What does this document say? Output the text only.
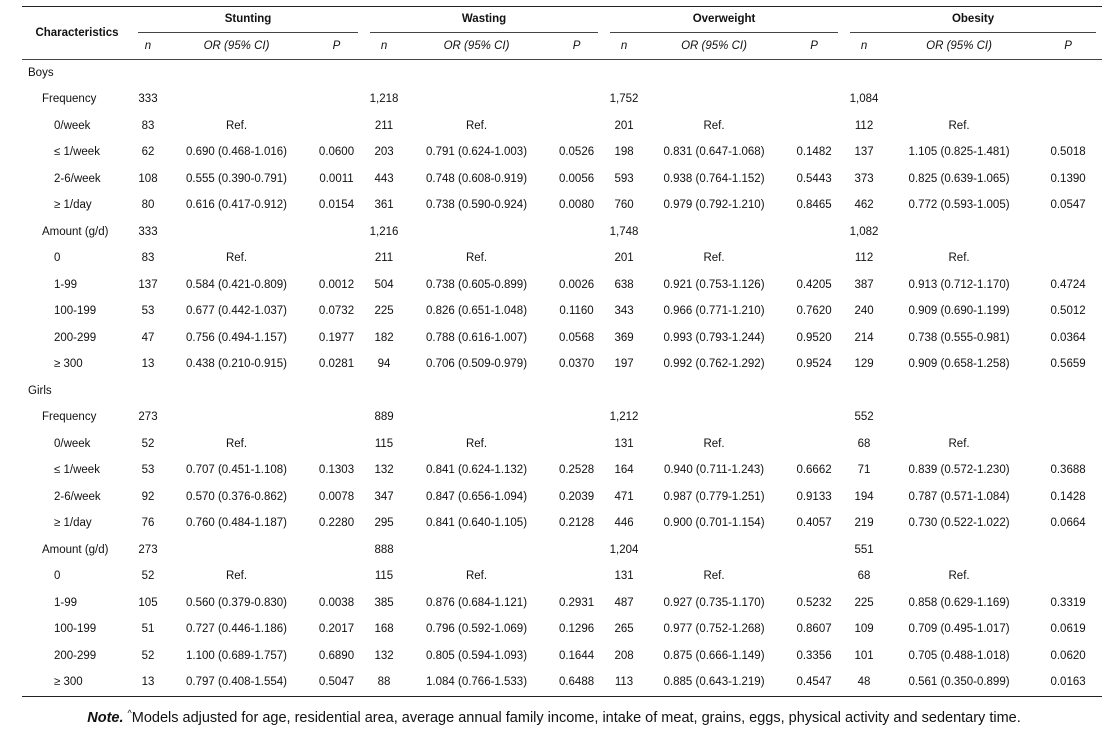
Characteristics	Stunting			Wasting			Overweight			Obesity		

	n	OR (95% CI)	P	n	OR (95% CI)	P	n	OR (95% CI)	P	n	OR (95% CI)	P
Boys												
Frequency	333			1,218			1,752			1,084		
0/week	83	Ref.		211	Ref.		201	Ref.		112	Ref.	
≤ 1/week	62	0.690 (0.468-1.016)	0.0600	203	0.791 (0.624-1.003)	0.0526	198	0.831 (0.647-1.068)	0.1482	137	1.105 (0.825-1.481)	0.5018
2-6/week	108	0.555 (0.390-0.791)	0.0011	443	0.748 (0.608-0.919)	0.0056	593	0.938 (0.764-1.152)	0.5443	373	0.825 (0.639-1.065)	0.1390
≥ 1/day	80	0.616 (0.417-0.912)	0.0154	361	0.738 (0.590-0.924)	0.0080	760	0.979 (0.792-1.210)	0.8465	462	0.772 (0.593-1.005)	0.0547
Amount (g/d)	333			1,216			1,748			1,082		
0	83	Ref.		211	Ref.		201	Ref.		112	Ref.	
1-99	137	0.584 (0.421-0.809)	0.0012	504	0.738 (0.605-0.899)	0.0026	638	0.921 (0.753-1.126)	0.4205	387	0.913 (0.712-1.170)	0.4724
100-199	53	0.677 (0.442-1.037)	0.0732	225	0.826 (0.651-1.048)	0.1160	343	0.966 (0.771-1.210)	0.7620	240	0.909 (0.690-1.199)	0.5012
200-299	47	0.756 (0.494-1.157)	0.1977	182	0.788 (0.616-1.007)	0.0568	369	0.993 (0.793-1.244)	0.9520	214	0.738 (0.555-0.981)	0.0364
≥ 300	13	0.438 (0.210-0.915)	0.0281	94	0.706 (0.509-0.979)	0.0370	197	0.992 (0.762-1.292)	0.9524	129	0.909 (0.658-1.258)	0.5659
Girls												
Frequency	273			889			1,212			552		
0/week	52	Ref.		115	Ref.		131	Ref.		68	Ref.	
≤ 1/week	53	0.707 (0.451-1.108)	0.1303	132	0.841 (0.624-1.132)	0.2528	164	0.940 (0.711-1.243)	0.6662	71	0.839 (0.572-1.230)	0.3688
2-6/week	92	0.570 (0.376-0.862)	0.0078	347	0.847 (0.656-1.094)	0.2039	471	0.987 (0.779-1.251)	0.9133	194	0.787 (0.571-1.084)	0.1428
≥ 1/day	76	0.760 (0.484-1.187)	0.2280	295	0.841 (0.640-1.105)	0.2128	446	0.900 (0.701-1.154)	0.4057	219	0.730 (0.522-1.022)	0.0664
Amount (g/d)	273			888			1,204			551		
0	52	Ref.		115	Ref.		131	Ref.		68	Ref.	
1-99	105	0.560 (0.379-0.830)	0.0038	385	0.876 (0.684-1.121)	0.2931	487	0.927 (0.735-1.170)	0.5232	225	0.858 (0.629-1.169)	0.3319
100-199	51	0.727 (0.446-1.186)	0.2017	168	0.796 (0.592-1.069)	0.1296	265	0.977 (0.752-1.268)	0.8607	109	0.709 (0.495-1.017)	0.0619
200-299	52	1.100 (0.689-1.757)	0.6890	132	0.805 (0.594-1.093)	0.1644	208	0.875 (0.666-1.149)	0.3356	101	0.705 (0.488-1.018)	0.0620
≥ 300	13	0.797 (0.408-1.554)	0.5047	88	1.084 (0.766-1.533)	0.6488	113	0.885 (0.643-1.219)	0.4547	48	0.561 (0.350-0.899)	0.0163
Note. ^Models adjusted for age, residential area, average annual family income, intake of meat, grains, eggs, physical activity and sedentary time.
